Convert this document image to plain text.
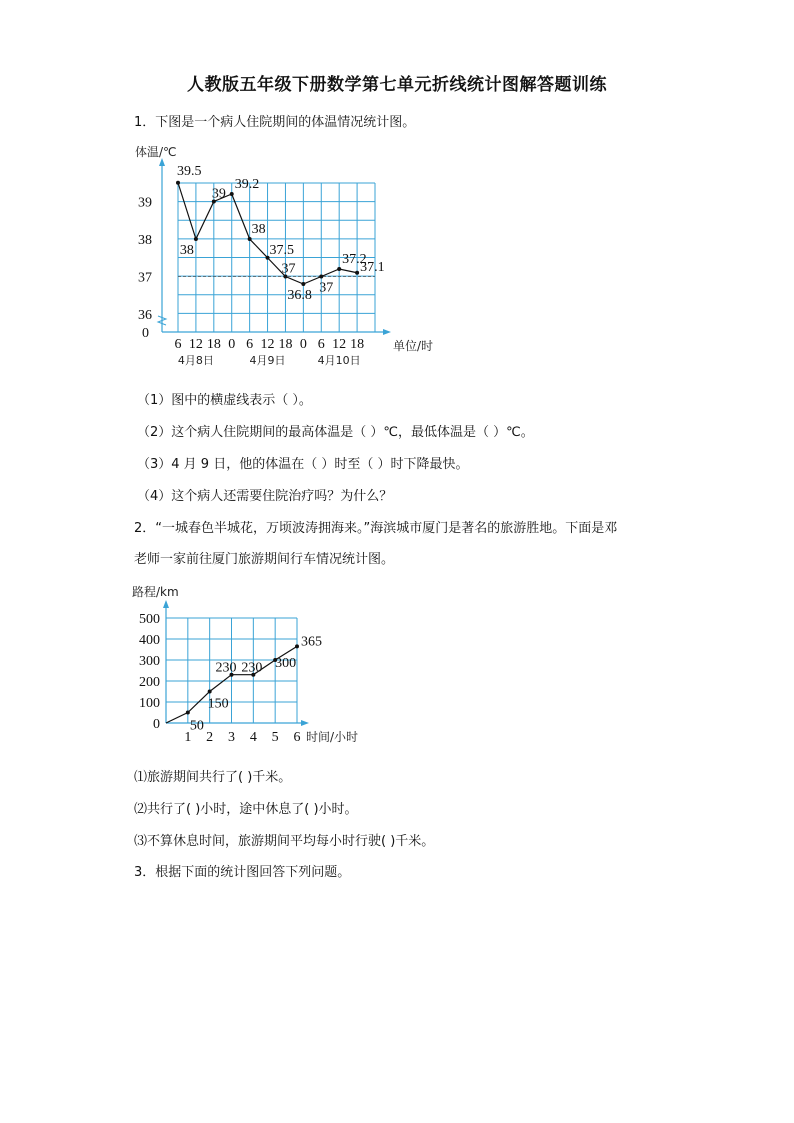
人教版五年级下册数学第七单元折线统计图解答题训练
1．下图是一个病人住院期间的体温情况统计图。
39
38
37
36
0
体温/℃
单位/时
6 12 18 0 6 12 18 0 6 12 18
4月8日	4月9日	4月10日
39.5
38
39
39.2
38
37.5
37
36.8 37
37.2
37.1
（1）图中的横虚线表示（ ）。
（2）这个病人住院期间的最高体温是（ ）℃，最低体温是（ ）℃。
（3）4 月 9 日，他的体温在（ ）时至（ ）时下降最快。
（4）这个病人还需要住院治疗吗？为什么？
2．“一城春色半城花，万顷波涛拥海来。”海滨城市厦门是著名的旅游胜地。下面是邓
老师一家前往厦门旅游期间行车情况统计图。
路程/km
时间/小时
500
400
300
200
100
0
1 2 3 4 5 6
50
150
230 230 300
365
⑴旅游期间共行了( )千米。
⑵共行了( )小时，途中休息了( )小时。
⑶不算休息时间，旅游期间平均每小时行驶( )千米。
3．根据下面的统计图回答下列问题。
